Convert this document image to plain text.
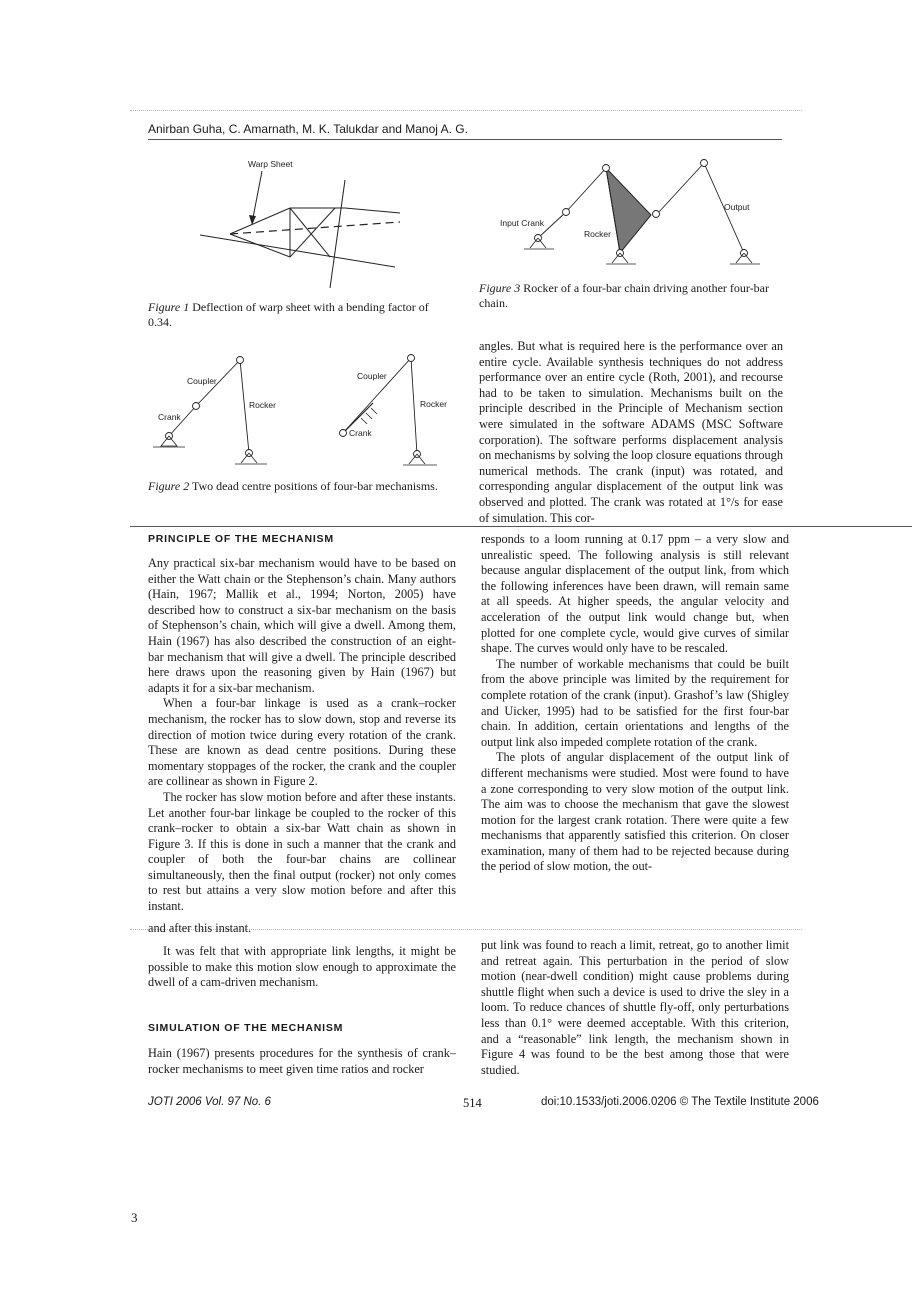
Anirban Guha, C. Amarnath, M. K. Talukdar and Manoj A. G.
Warp Sheet
Figure 1 Deflection of warp sheet with a bending factor of 0.34.
Coupler
Rocker
Crank
Coupler
Rocker
Crank
Figure 2 Two dead centre positions of four-bar mechanisms.
Input Crank
Rocker
Output
Figure 3 Rocker of a four-bar chain driving another four-bar chain.

angles. But what is required here is the performance over an entire cycle. Available synthesis techniques do not address performance over an entire cycle (Roth, 2001), and recourse had to be taken to simulation. Mechanisms built on the principle described in the Principle of Mechanism section were simulated in the software ADAMS (MSC Software corporation). The software performs displacement analysis on mechanisms by solving the loop closure equations through numerical methods. The crank (input) was rotated, and corresponding angular displacement of the output link was observed and plotted. The crank was rotated at 1°/s for ease of simulation. This cor-

PRINCIPLE OF THE MECHANISM

Any practical six-bar mechanism would have to be based on either the Watt chain or the Stephenson’s chain. Many authors (Hain, 1967; Mallik et al., 1994; Norton, 2005) have described how to construct a six-bar mechanism on the basis of Stephenson’s chain, which will give a dwell. Among them, Hain (1967) has also described the construction of an eight-bar mechanism that will give a dwell. The principle described here draws upon the reasoning given by Hain (1967) but adapts it for a six-bar mechanism.

When a four-bar linkage is used as a crank–rocker mechanism, the rocker has to slow down, stop and reverse its direction of motion twice during every rotation of the crank. These are known as dead centre positions. During these momentary stoppages of the rocker, the crank and the coupler are collinear as shown in Figure 2.

The rocker has slow motion before and after these instants. Let another four-bar linkage be coupled to the rocker of this crank–rocker to obtain a six-bar Watt chain as shown in Figure 3. If this is done in such a manner that the crank and coupler of both the four-bar chains are collinear simultaneously, then the final output (rocker) not only comes to rest but attains a very slow motion before and after this instant.

responds to a loom running at 0.17 ppm – a very slow and unrealistic speed. The following analysis is still relevant because angular displacement of the output link, from which the following inferences have been drawn, will remain same at all speeds. At higher speeds, the angular velocity and acceleration of the output link would change but, when plotted for one complete cycle, would give curves of similar shape. The curves would only have to be rescaled.

The number of workable mechanisms that could be built from the above principle was limited by the requirement for complete rotation of the crank (input). Grashof’s law (Shigley and Uicker, 1995) had to be satisfied for the first four-bar chain. In addition, certain orientations and lengths of the output link also impeded complete rotation of the crank.

The plots of angular displacement of the output link of different mechanisms were studied. Most were found to have a zone corresponding to very slow motion of the output link. The aim was to choose the mechanism that gave the slowest motion for the largest crank rotation. There were quite a few mechanisms that apparently satisfied this criterion. On closer examination, many of them had to be rejected because during the period of slow motion, the out-

and after this instant.

It was felt that with appropriate link lengths, it might be possible to make this motion slow enough to approximate the dwell of a cam-driven mechanism.

SIMULATION OF THE MECHANISM

Hain (1967) presents procedures for the synthesis of crank–rocker mechanisms to meet given time ratios and rocker

put link was found to reach a limit, retreat, go to another limit and retreat again. This perturbation in the period of slow motion (near-dwell condition) might cause problems during shuttle flight when such a device is used to drive the sley in a loom. To reduce chances of shuttle fly-off, only perturbations less than 0.1° were deemed acceptable. With this criterion, and a “reasonable” link length, the mechanism shown in Figure 4 was found to be the best among those that were studied.

JOTI 2006 Vol. 97 No. 6	514	doi:10.1533/joti.2006.0206 © The Textile Institute 2006
3
